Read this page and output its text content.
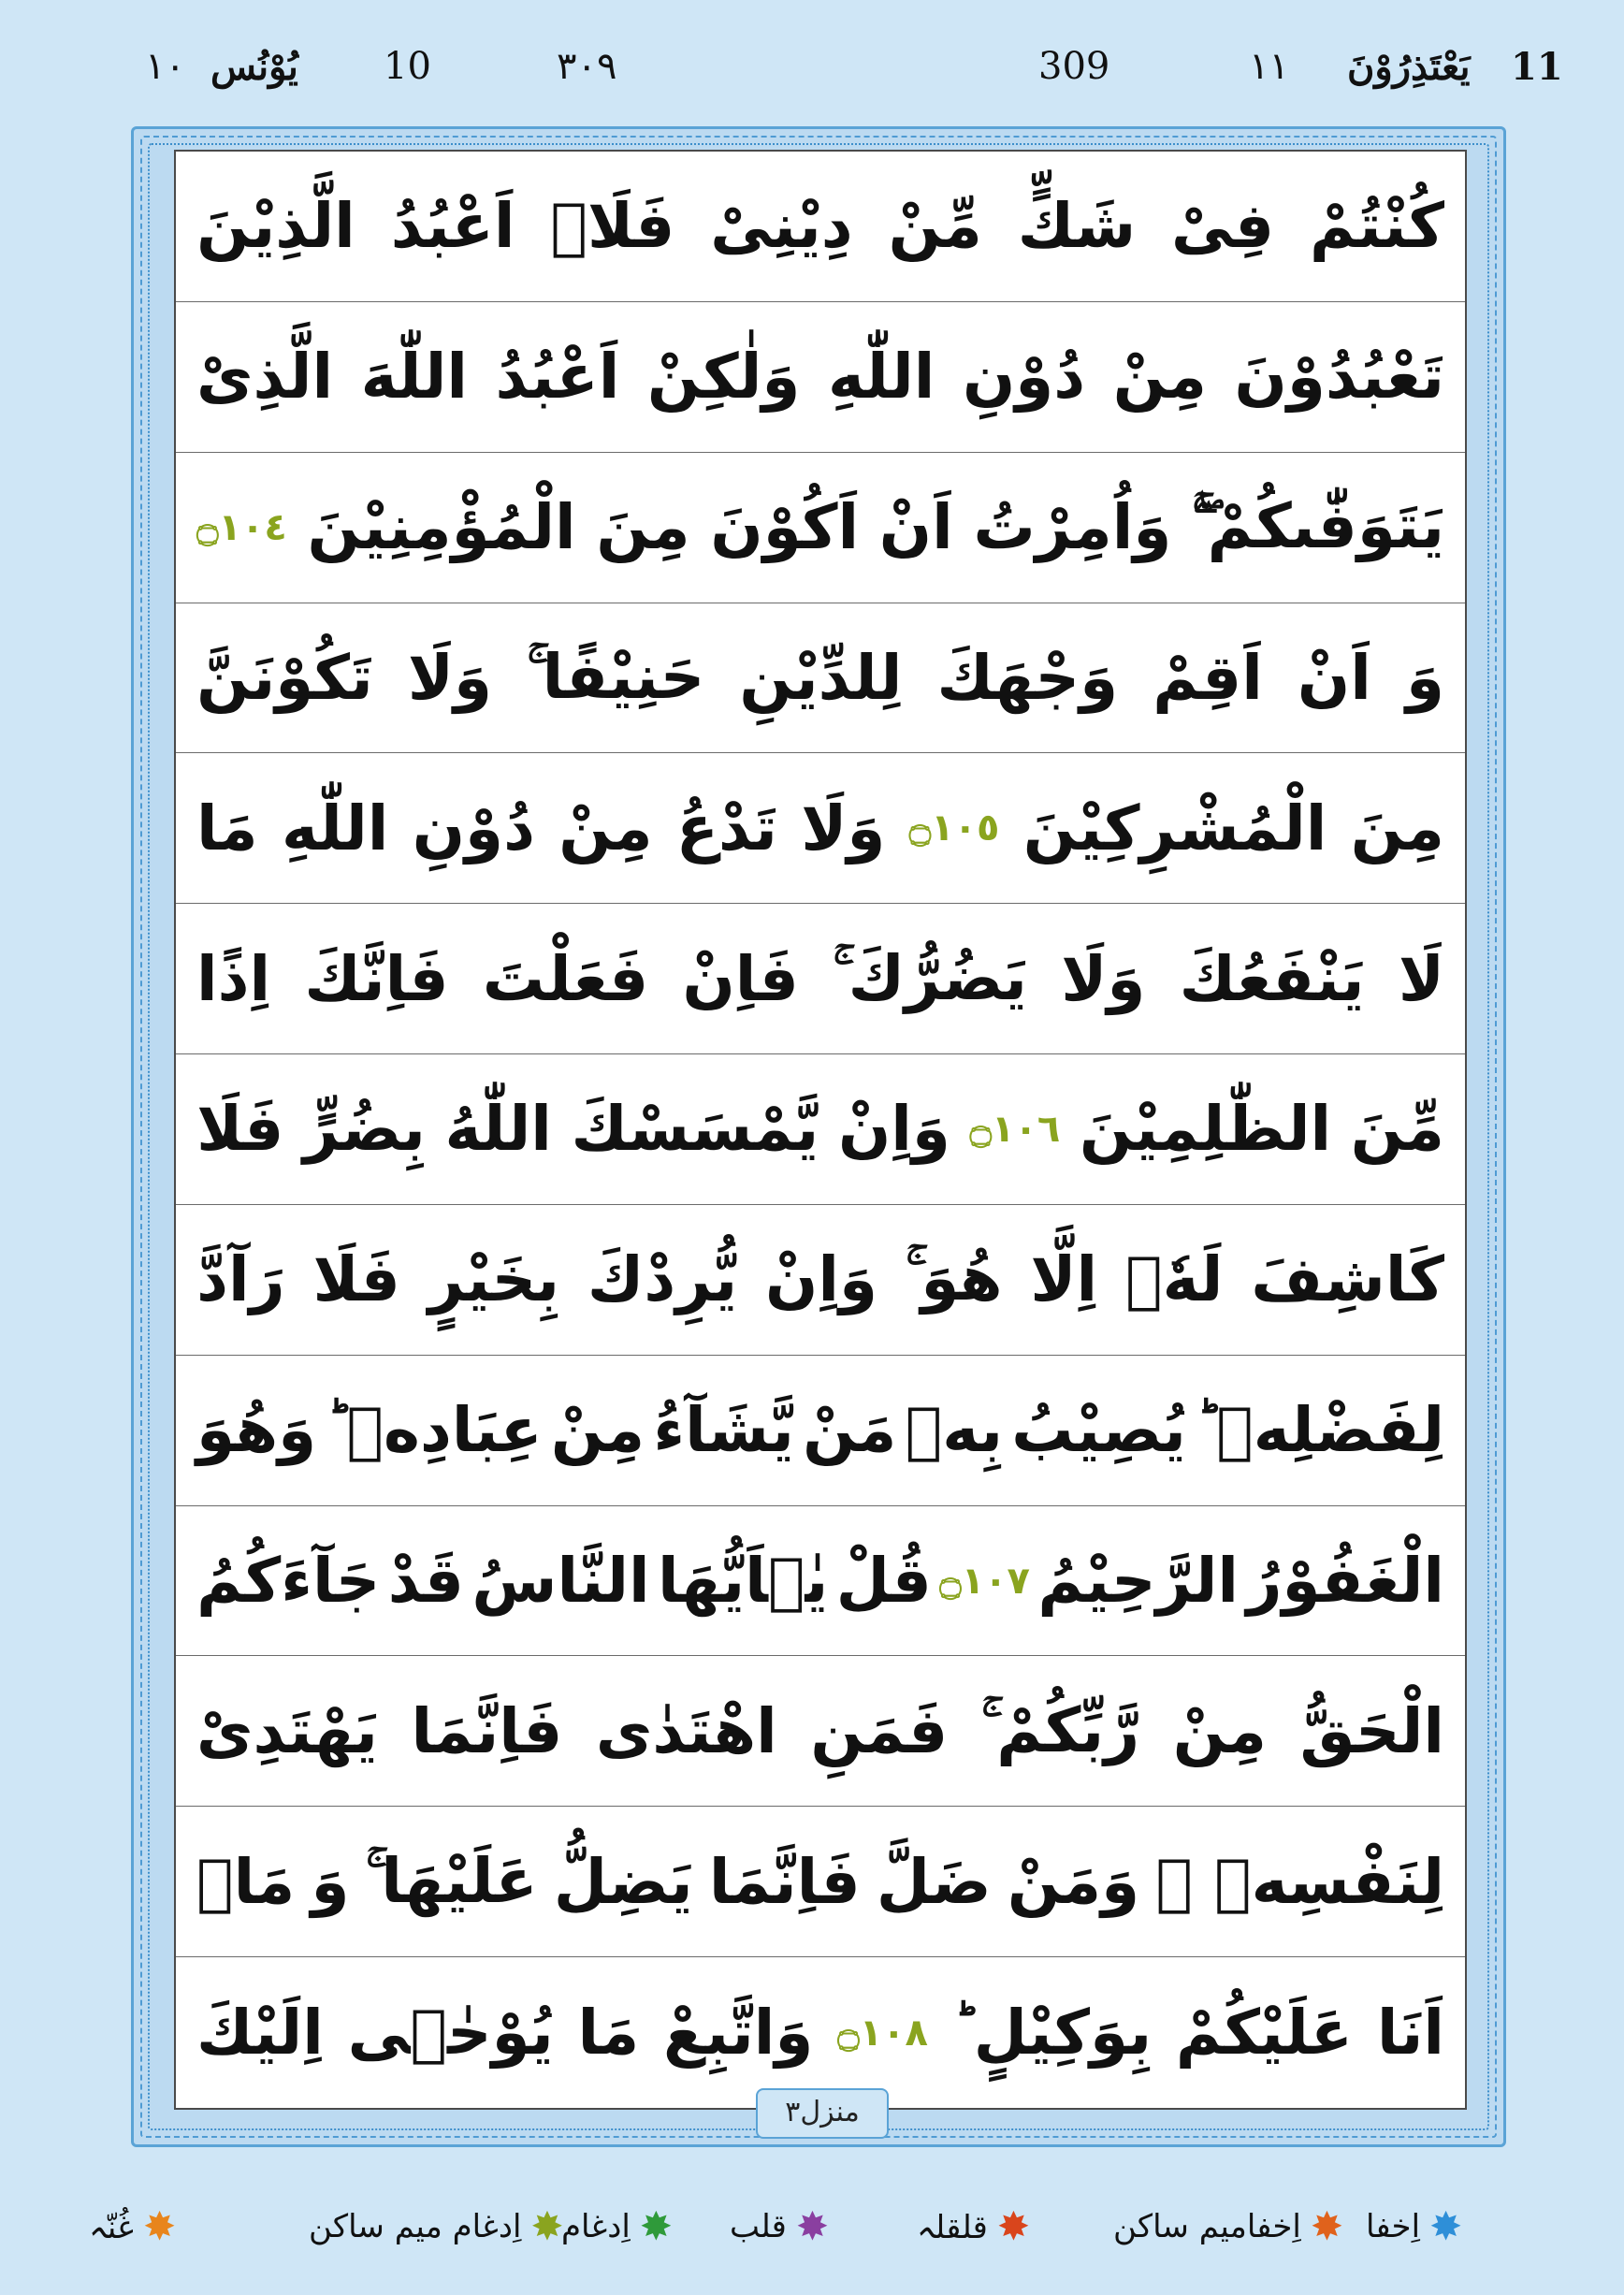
١٠ یُوْنُس 10	٣٠٩	309	١١ یَعْتَذِرُوْنَ 11
کُنْتُمْ
فِیْ
شَكٍّ
مِّنْ
دِیْنِیْ
فَلَاۤ
اَعْبُدُ
الَّذِیْنَ
تَعْبُدُوْنَ
مِنْ
دُوْنِ
اللّٰهِ
وَلٰكِنْ
اَعْبُدُ
اللّٰهَ
الَّذِیْ
یَتَوَفّٰىكُمْ ۚۖ
وَاُمِرْتُ
اَنْ
اَكُوْنَ
مِنَ
الْمُؤْمِنِیْنَ
۝١٠٤
وَ
اَنْ
اَقِمْ
وَجْهَكَ
لِلدِّیْنِ
حَنِیْفًا ۚ
وَلَا
تَكُوْنَنَّ
مِنَ
الْمُشْرِكِیْنَ
۝١٠٥
وَلَا
تَدْعُ
مِنْ
دُوْنِ
اللّٰهِ
مَا
لَا
یَنْفَعُكَ
وَلَا
یَضُرُّكَ ۚ
فَاِنْ
فَعَلْتَ
فَاِنَّكَ
اِذًا
مِّنَ
الظّٰلِمِیْنَ
۝١٠٦
وَاِنْ
یَّمْسَسْكَ
اللّٰهُ
بِضُرٍّ
فَلَا
كَاشِفَ
لَهٗۤ
اِلَّا
هُوَ ۚ
وَاِنْ
یُّرِدْكَ
بِخَیْرٍ
فَلَا
رَآدَّ
لِفَضْلِهٖ ؕ
یُصِیْبُ
بِهٖ
مَنْ
یَّشَآءُ
مِنْ
عِبَادِهٖ ؕ
وَهُوَ
الْغَفُوْرُ
الرَّحِیْمُ
۝١٠٧
قُلْ
یٰۤاَیُّهَا
النَّاسُ
قَدْ
جَآءَكُمُ
الْحَقُّ
مِنْ
رَّبِّكُمْ ۚ
فَمَنِ
اهْتَدٰى
فَاِنَّمَا
یَهْتَدِیْ
لِنَفْسِهٖ ۚ
وَمَنْ
ضَلَّ
فَاِنَّمَا
یَضِلُّ
عَلَیْهَا ۚ
وَ
مَاۤ
اَنَا
عَلَیْكُمْ
بِوَكِیْلٍ ؕ
۝١٠٨
وَاتَّبِعْ
مَا
یُوْحٰۤى
اِلَیْكَ
منزل٣
✸
اِخفا
✸
اِخفامیم ساکن
✸
قلقلہ
✸
قلب
✸
اِدغام
✸
اِدغام میم ساکن
✸
غُنّہ
